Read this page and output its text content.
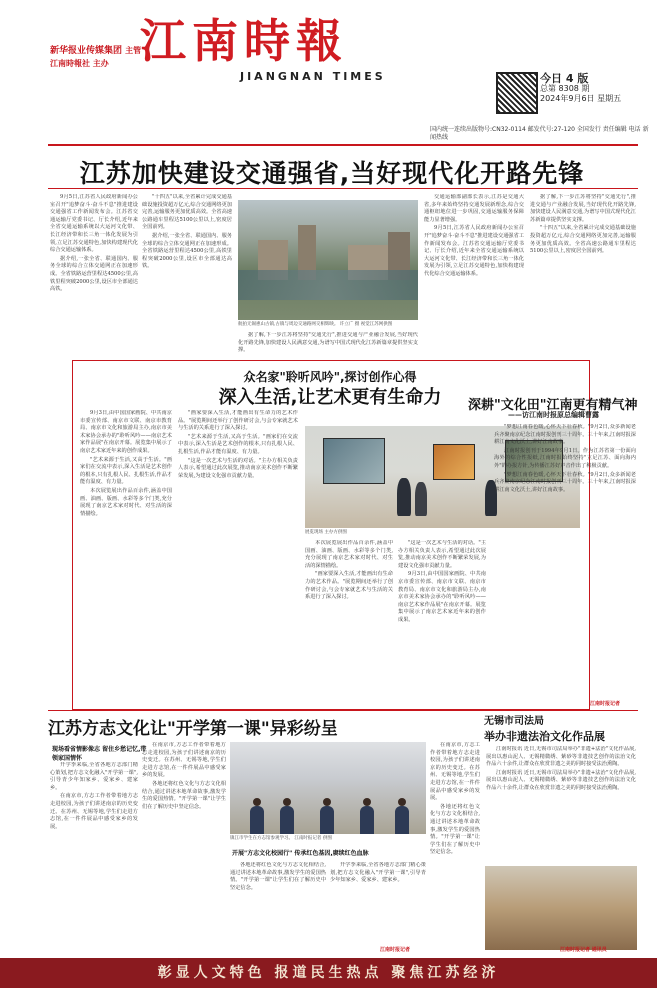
新华报业传媒集团 主管
江南時報社 主办 江南時報
JIANGNAN TIMES	今日 4 版
总第 8308 期
2024年9月6日 星期五
国内统一连续出版物号:CN32-0114 邮发代号:27-120 全国发行 责任编辑 电话 新闻热线
江苏加快建设交通强省,当好现代化开路先锋

9月5日,江苏省人民政府新闻办公室召开"追梦奋斗·奋斗不息"推进建设交通强省工作新闻发布会。江苏省交通运输厅党委书记、厅长介绍,近年来全省交通运输系统以大运河文化带、长江经济带和长三角一体化发展为引领,立足江苏交通特色,加快构建现代化综合交通运输体系。

据介绍,一张全省、联通国内、服务全球的综合立体交通网正在加速形成。全省铁路运营里程达4500公里,高铁里程突破2000公里,设区市全部通达高铁。

"十四五"以来,全省累计完成交通基础设施投资超万亿元,综合交通网络更加完善,运输服务更加优质高效。全省高速公路通车里程达5100公里以上,密度居全国前列。

据介绍,一张全省、联通国内、服务全球的综合立体交通网正在加速形成。全省铁路运营里程达4500公里,高铁里程突破2000公里,设区市全部通达高铁。

航拍无锡惠山古镇,古镇与周边交通路网交相辉映。 许立广 摄 视觉江苏网供图

据了解,下一步江苏将坚持"交通先行",推进交通与产业融合发展,当好现代化开路先锋,加快建设人民满意交通,为谱写中国式现代化江苏新篇章提供坚实支撑。

交通运输部副部长表示,江苏是交通大省,多年来始终坚持交通发展新理念,综合交通枢纽地位进一步巩固,交通运输服务保障能力显著增强。

9月5日,江苏省人民政府新闻办公室召开"追梦奋斗·奋斗不息"推进建设交通强省工作新闻发布会。江苏省交通运输厅党委书记、厅长介绍,近年来全省交通运输系统以大运河文化带、长江经济带和长三角一体化发展为引领,立足江苏交通特色,加快构建现代化综合交通运输体系。

据了解,下一步江苏将坚持"交通先行",推进交通与产业融合发展,当好现代化开路先锋,加快建设人民满意交通,为谱写中国式现代化江苏新篇章提供坚实支撑。

"十四五"以来,全省累计完成交通基础设施投资超万亿元,综合交通网络更加完善,运输服务更加优质高效。全省高速公路通车里程达5100公里以上,密度居全国前列。

众名家"聆听风吟",探讨创作心得
深入生活,让艺术更有生命力

9月3日,由中国国家画院、中共南京市委宣传部、南京市文联、南京市教育局、南京市文化和旅游局主办,南京市美术家协会承办的"聆听风吟——南京艺术家作品展"在南京开幕。展览集中展示了南京艺术家近年来的创作成果。

"艺术来源于生活,又高于生活。"画家们在交流中表示,深入生活是艺术创作的根本,只有扎根人民、扎根生活,作品才能有温度、有力量。

本次展览展出作品百余件,涵盖中国画、油画、版画、水彩等多个门类,充分展现了南京艺术家对时代、对生活的深情描绘。

"画家要深入生活,才能画出有生命力的艺术作品。"展览期间还举行了创作研讨会,与会专家就艺术与生活的关系进行了深入探讨。

"艺术来源于生活,又高于生活。"画家们在交流中表示,深入生活是艺术创作的根本,只有扎根人民、扎根生活,作品才能有温度、有力量。

"这是一次艺术与生活的对话。"主办方相关负责人表示,希望通过此次展览,推动南京美术创作不断繁荣发展,为建设文化强市贡献力量。

展览现场 主办方供图

本次展览展出作品百余件,涵盖中国画、油画、版画、水彩等多个门类,充分展现了南京艺术家对时代、对生活的深情描绘。

"画家要深入生活,才能画出有生命力的艺术作品。"展览期间还举行了创作研讨会,与会专家就艺术与生活的关系进行了深入探讨。

"这是一次艺术与生活的对话。"主办方相关负责人表示,希望通过此次展览,推动南京美术创作不断繁荣发展,为建设文化强市贡献力量。

9月3日,由中国国家画院、中共南京市委宣传部、南京市文联、南京市教育局、南京市文化和旅游局主办,南京市美术家协会承办的"聆听风吟——南京艺术家作品展"在南京开幕。展览集中展示了南京艺术家近年来的创作成果。

深耕"文化田"江南更有精气神
——访江南时报原总编辑曹露

"梦想江南春色暖,心怀天下壮春秋。"9月2日,众多新闻老兵齐聚南京纪念江南时报创刊三十周年。三十年来,江南时报深耕江南文化沃土,讲好江南故事。

江南时报创刊于1994年9月1日。作为江苏省第一份面向海外的综合性报纸,江南时报始终坚持"立足江苏、面向海内外"的办报方针,为传播江苏好声音作出了积极贡献。

"梦想江南春色暖,心怀天下壮春秋。"9月2日,众多新闻老兵齐聚南京纪念江南时报创刊三十周年。三十年来,江南时报深耕江南文化沃土,讲好江南故事。

江南时报记者
江苏方志文化让"开学第一课"异彩纷呈
现场看省情影像志 留住乡愁记忆,带领家国情怀

开学季来临,全省各地方志部门精心策划,把方志文化融入"开学第一课",引导青少年知家乡、爱家乡、建家乡。

在南京市,方志工作者带着地方志走进校园,为孩子们讲述南京的历史变迁。在苏州、无锡等地,学生们走进方志馆,在一件件展品中感受家乡的发展。

在南京市,方志工作者带着地方志走进校园,为孩子们讲述南京的历史变迁。在苏州、无锡等地,学生们走进方志馆,在一件件展品中感受家乡的发展。

各地还将红色文化与方志文化相结合,通过讲述本地革命故事,激发学生的爱国热情。"开学第一课"让学生们在了解历史中坚定信念。

镇江市学生在方志馆参观学习。 江南时报记者 供图
开展"方志文化校园行" 传承红色基因,赓续红色血脉

各地还将红色文化与方志文化相结合,通过讲述本地革命故事,激发学生的爱国热情。"开学第一课"让学生们在了解历史中坚定信念。

开学季来临,全省各地方志部门精心策划,把方志文化融入"开学第一课",引导青少年知家乡、爱家乡、建家乡。

在南京市,方志工作者带着地方志走进校园,为孩子们讲述南京的历史变迁。在苏州、无锡等地,学生们走进方志馆,在一件件展品中感受家乡的发展。

各地还将红色文化与方志文化相结合,通过讲述本地革命故事,激发学生的爱国热情。"开学第一课"让学生们在了解历史中坚定信念。

江南时报记者
无锡市司法局
举办非遗法治文化作品展

江南时报讯 近日,无锡市司法局举办"非遗+法治"文化作品展,展出以惠山泥人、无锡精微绣、紫砂等非遗技艺创作的法治文化作品六十余件,让群众在欣赏非遗之美的同时接受法治熏陶。

江南时报讯 近日,无锡市司法局举办"非遗+法治"文化作品展,展出以惠山泥人、无锡精微绣、紫砂等非遗技艺创作的法治文化作品六十余件,让群众在欣赏非遗之美的同时接受法治熏陶。

江南时报记者 通讯员
彰显人文特色 报道民生热点 聚焦江苏经济
